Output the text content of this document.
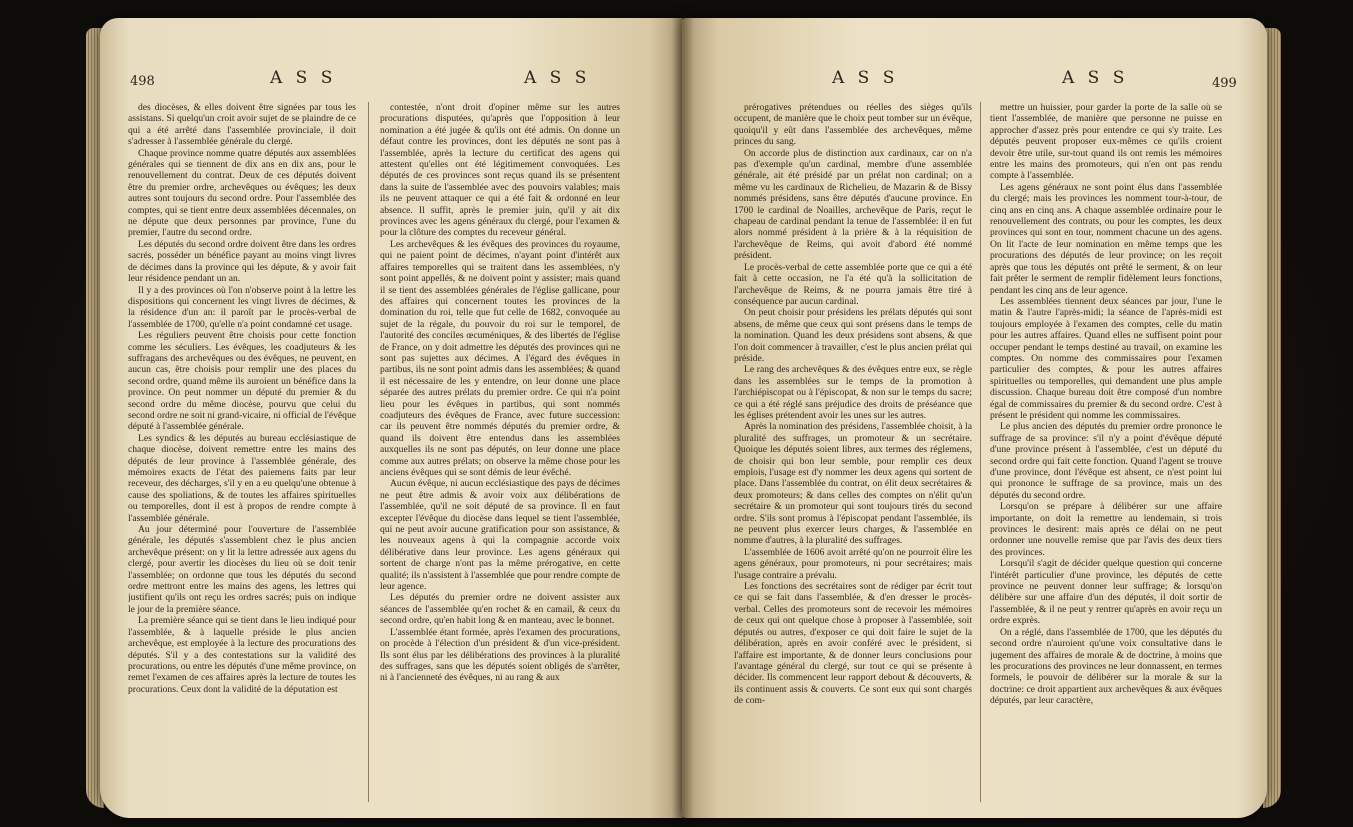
498	A S S	A S S

des diocèses, & elles doivent être signées par tous les assistans. Si quelqu'un croit avoir sujet de se plaindre de ce qui a été arrêté dans l'assemblée provinciale, il doit s'adresser à l'assemblée générale du clergé.

Chaque province nomme quatre députés aux assemblées générales qui se tiennent de dix ans en dix ans, pour le renouvellement du contrat. Deux de ces députés doivent être du premier ordre, archevêques ou évêques; les deux autres sont toujours du second ordre. Pour l'assemblée des comptes, qui se tient entre deux assemblées décennales, on ne députe que deux personnes par province, l'une du premier, l'autre du second ordre.

Les députés du second ordre doivent être dans les ordres sacrés, posséder un bénéfice payant au moins vingt livres de décimes dans la province qui les députe, & y avoir fait leur résidence pendant un an.

Il y a des provinces où l'on n'observe point à la lettre les dispositions qui concernent les vingt livres de décimes, & la résidence d'un an: il paroît par le procès-verbal de l'assemblée de 1700, qu'elle n'a point condamné cet usage.

Les réguliers peuvent être choisis pour cette fonction comme les séculiers. Les évêques, les coadjuteurs & les suffragans des archevêques ou des évêques, ne peuvent, en aucun cas, être choisis pour remplir une des places du second ordre, quand même ils auroient un bénéfice dans la province. On peut nommer un député du premier & du second ordre du même diocèse, pourvu que celui du second ordre ne soit ni grand-vicaire, ni official de l'évêque député à l'assemblée générale.

Les syndics & les députés au bureau ecclésiastique de chaque diocèse, doivent remettre entre les mains des députés de leur province à l'assemblée générale, des mémoires exacts de l'état des paiemens faits par leur receveur, des décharges, s'il y en a eu quelqu'une obtenue à cause des spoliations, & de toutes les affaires spirituelles ou temporelles, dont il est à propos de rendre compte à l'assemblée générale.

Au jour déterminé pour l'ouverture de l'assemblée générale, les députés s'assemblent chez le plus ancien archevêque présent: on y lit la lettre adressée aux agens du clergé, pour avertir les diocèses du lieu où se doit tenir l'assemblée; on ordonne que tous les députés du second ordre mettront entre les mains des agens, les lettres qui justifient qu'ils ont reçu les ordres sacrés; puis on indique le jour de la première séance.

La première séance qui se tient dans le lieu indiqué pour l'assemblée, & à laquelle préside le plus ancien archevêque, est employée à la lecture des procurations des députés. S'il y a des contestations sur la validité des procurations, ou entre les députés d'une même province, on remet l'examen de ces affaires après la lecture de toutes les procurations. Ceux dont la validité de la députation est

contestée, n'ont droit d'opiner même sur les autres procurations disputées, qu'après que l'opposition à leur nomination a été jugée & qu'ils ont été admis. On donne un défaut contre les provinces, dont les députés ne sont pas à l'assemblée, après la lecture du certificat des agens qui attestent qu'elles ont été légitimement convoquées. Les députés de ces provinces sont reçus quand ils se présentent dans la suite de l'assemblée avec des pouvoirs valables; mais ils ne peuvent attaquer ce qui a été fait & ordonné en leur absence. Il suffit, après le premier juin, qu'il y ait dix provinces avec les agens généraux du clergé, pour l'examen & pour la clôture des comptes du receveur général.

Les archevêques & les évêques des provinces du royaume, qui ne paient point de décimes, n'ayant point d'intérêt aux affaires temporelles qui se traitent dans les assemblées, n'y sont point appellés, & ne doivent point y assister; mais quand il se tient des assemblées générales de l'église gallicane, pour des affaires qui concernent toutes les provinces de la domination du roi, telle que fut celle de 1682, convoquée au sujet de la régale, du pouvoir du roi sur le temporel, de l'autorité des conciles œcuméniques, & des libertés de l'église de France, on y doit admettre les députés des provinces qui ne sont pas sujettes aux décimes. A l'égard des évêques in partibus, ils ne sont point admis dans les assemblées; & quand il est nécessaire de les y entendre, on leur donne une place séparée des autres prélats du premier ordre. Ce qui n'a point lieu pour les évêques in partibus, qui sont nommés coadjuteurs des évêques de France, avec future succession: car ils peuvent être nommés députés du premier ordre, & quand ils doivent être entendus dans les assemblées auxquelles ils ne sont pas députés, on leur donne une place comme aux autres prélats; on observe la même chose pour les anciens évêques qui se sont démis de leur évêché.

Aucun évêque, ni aucun ecclésiastique des pays de décimes ne peut être admis & avoir voix aux délibérations de l'assemblée, qu'il ne soit député de sa province. Il en faut excepter l'évêque du diocèse dans lequel se tient l'assemblée, qui ne peut avoir aucune gratification pour son assistance, & les nouveaux agens à qui la compagnie accorde voix délibérative dans leur province. Les agens généraux qui sortent de charge n'ont pas la même prérogative, en cette qualité; ils n'assistent à l'assemblée que pour rendre compte de leur agence.

Les députés du premier ordre ne doivent assister aux séances de l'assemblée qu'en rochet & en camail, & ceux du second ordre, qu'en habit long & en manteau, avec le bonnet.

L'assemblée étant formée, après l'examen des procurations, on procède à l'élection d'un président & d'un vice-président. Ils sont élus par les délibérations des provinces à la pluralité des suffrages, sans que les députés soient obligés de s'arrêter, ni à l'ancienneté des évêques, ni au rang & aux

A S S	A S S	499

prérogatives prétendues ou réelles des sièges qu'ils occupent, de manière que le choix peut tomber sur un évêque, quoiqu'il y eût dans l'assemblée des archevêques, même princes du sang.

On accorde plus de distinction aux cardinaux, car on n'a pas d'exemple qu'un cardinal, membre d'une assemblée générale, ait été présidé par un prélat non cardinal; on a même vu les cardinaux de Richelieu, de Mazarin & de Bissy nommés présidens, sans être députés d'aucune province. En 1700 le cardinal de Noailles, archevêque de Paris, reçut le chapeau de cardinal pendant la tenue de l'assemblée: il en fut alors nommé président à la prière & à la réquisition de l'archevêque de Reims, qui avoit d'abord été nommé président.

Le procès-verbal de cette assemblée porte que ce qui a été fait à cette occasion, ne l'a été qu'à la sollicitation de l'archevêque de Reims, & ne pourra jamais être tiré à conséquence par aucun cardinal.

On peut choisir pour présidens les prélats députés qui sont absens, de même que ceux qui sont présens dans le temps de la nomination. Quand les deux présidens sont absens, & que l'on doit commencer à travailler, c'est le plus ancien prélat qui préside.

Le rang des archevêques & des évêques entre eux, se règle dans les assemblées sur le temps de la promotion à l'archiépiscopat ou à l'épiscopat, & non sur le temps du sacre; ce qui a été réglé sans préjudice des droits de préséance que les églises prétendent avoir les unes sur les autres.

Après la nomination des présidens, l'assemblée choisit, à la pluralité des suffrages, un promoteur & un secrétaire. Quoique les députés soient libres, aux termes des réglemens, de choisir qui bon leur semble, pour remplir ces deux emplois, l'usage est d'y nommer les deux agens qui sortent de place. Dans l'assemblée du contrat, on élit deux secrétaires & deux promoteurs; & dans celles des comptes on n'élit qu'un secrétaire & un promoteur qui sont toujours tirés du second ordre. S'ils sont promus à l'épiscopat pendant l'assemblée, ils ne peuvent plus exercer leurs charges, & l'assemblée en nomme d'autres, à la pluralité des suffrages.

L'assemblée de 1606 avoit arrêté qu'on ne pourroit élire les agens généraux, pour promoteurs, ni pour secrétaires; mais l'usage contraire a prévalu.

Les fonctions des secrétaires sont de rédiger par écrit tout ce qui se fait dans l'assemblée, & d'en dresser le procès-verbal. Celles des promoteurs sont de recevoir les mémoires de ceux qui ont quelque chose à proposer à l'assemblée, soit députés ou autres, d'exposer ce qui doit faire le sujet de la délibération, après en avoir conféré avec le président, si l'affaire est importante, & de donner leurs conclusions pour l'avantage général du clergé, sur tout ce qui se présente à décider. Ils commencent leur rapport debout & découverts, & ils continuent assis & couverts. Ce sont eux qui sont chargés de com-

mettre un huissier, pour garder la porte de la salle où se tient l'assemblée, de manière que personne ne puisse en approcher d'assez près pour entendre ce qui s'y traite. Les députés peuvent proposer eux-mêmes ce qu'ils croient devoir être utile, sur-tout quand ils ont remis les mémoires entre les mains des promoteurs, qui n'en ont pas rendu compte à l'assemblée.

Les agens généraux ne sont point élus dans l'assemblée du clergé; mais les provinces les nomment tour-à-tour, de cinq ans en cinq ans. A chaque assemblée ordinaire pour le renouvellement des contrats, ou pour les comptes, les deux provinces qui sont en tour, nomment chacune un des agens. On lit l'acte de leur nomination en même temps que les procurations des députés de leur province; on les reçoit après que tous les députés ont prêté le serment, & on leur fait prêter le serment de remplir fidèlement leurs fonctions, pendant les cinq ans de leur agence.

Les assemblées tiennent deux séances par jour, l'une le matin & l'autre l'après-midi; la séance de l'après-midi est toujours employée à l'examen des comptes, celle du matin pour les autres affaires. Quand elles ne suffisent point pour occuper pendant le temps destiné au travail, on examine les comptes. On nomme des commissaires pour l'examen particulier des comptes, & pour les autres affaires spirituelles ou temporelles, qui demandent une plus ample discussion. Chaque bureau doit être composé d'un nombre égal de commissaires du premier & du second ordre. C'est à présent le président qui nomme les commissaires.

Le plus ancien des députés du premier ordre prononce le suffrage de sa province: s'il n'y a point d'évêque député d'une province présent à l'assemblée, c'est un député du second ordre qui fait cette fonction. Quand l'agent se trouve d'une province, dont l'évêque est absent, ce n'est point lui qui prononce le suffrage de sa province, mais un des députés du second ordre.

Lorsqu'on se prépare à délibérer sur une affaire importante, on doit la remettre au lendemain, si trois provinces le desirent: mais après ce délai on ne peut ordonner une nouvelle remise que par l'avis des deux tiers des provinces.

Lorsqu'il s'agit de décider quelque question qui concerne l'intérêt particulier d'une province, les députés de cette province ne peuvent donner leur suffrage; & lorsqu'on délibère sur une affaire d'un des députés, il doit sortir de l'assemblée, & il ne peut y rentrer qu'après en avoir reçu un ordre exprès.

On a réglé, dans l'assemblée de 1700, que les députés du second ordre n'auroient qu'une voix consultative dans le jugement des affaires de morale & de doctrine, à moins que les procurations des provinces ne leur donnassent, en termes formels, le pouvoir de délibérer sur la morale & sur la doctrine: ce droit appartient aux archevêques & aux évêques députés, par leur caractère,
